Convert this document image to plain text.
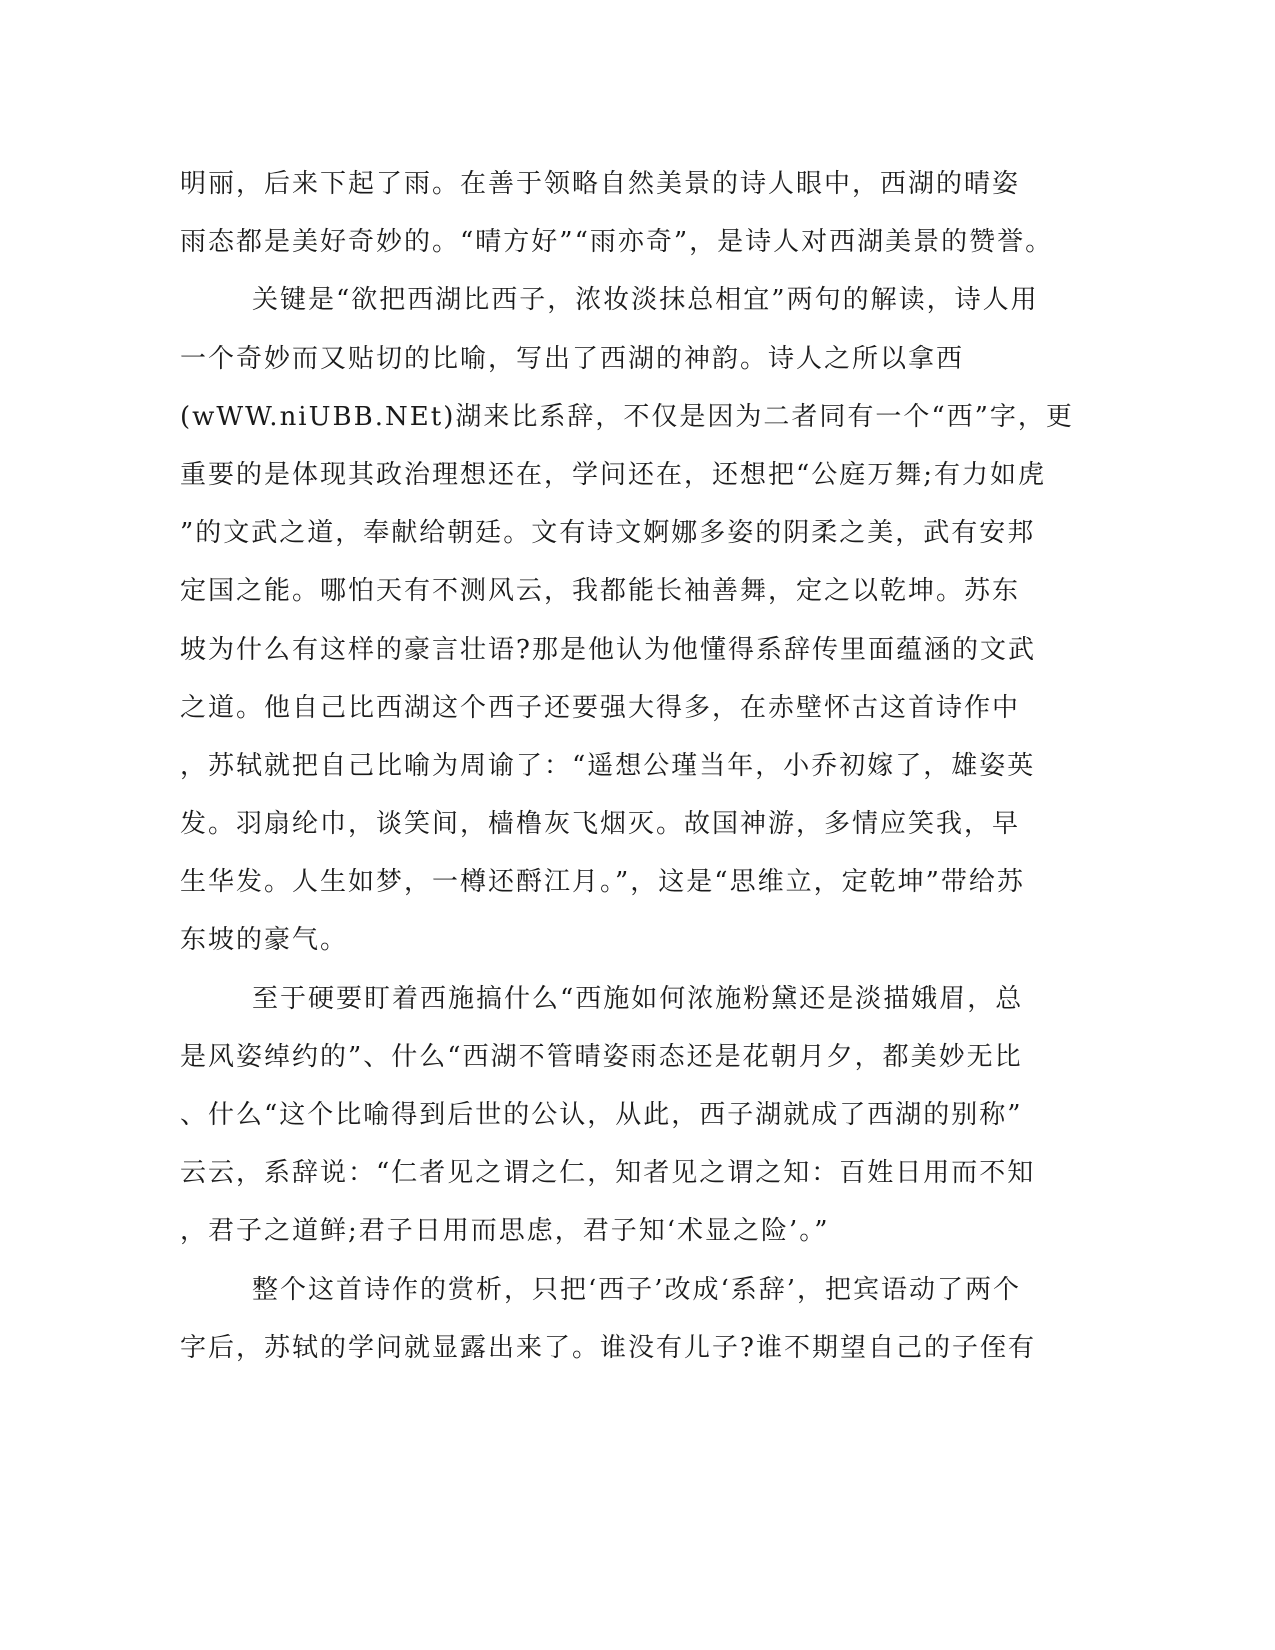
明丽，后来下起了雨。在善于领略自然美景的诗人眼中，西湖的晴姿
雨态都是美好奇妙的。“晴方好”“雨亦奇”，是诗人对西湖美景的赞誉。
关键是“欲把西湖比西子，浓妆淡抹总相宜”两句的解读，诗人用
一个奇妙而又贴切的比喻，写出了西湖的神韵。诗人之所以拿西
(wWW.niUBB.NEt)湖来比系辞，不仅是因为二者同有一个“西”字，更
重要的是体现其政治理想还在，学问还在，还想把“公庭万舞;有力如虎
”的文武之道，奉献给朝廷。文有诗文婀娜多姿的阴柔之美，武有安邦
定国之能。哪怕天有不测风云，我都能长袖善舞，定之以乾坤。苏东
坡为什么有这样的豪言壮语?那是他认为他懂得系辞传里面蕴涵的文武
之道。他自己比西湖这个西子还要强大得多，在赤壁怀古这首诗作中
，苏轼就把自己比喻为周谕了：“遥想公瑾当年，小乔初嫁了，雄姿英
发。羽扇纶巾，谈笑间，樯橹灰飞烟灭。故国神游，多情应笑我，早
生华发。人生如梦，一樽还酹江月。”，这是“思维立，定乾坤”带给苏
东坡的豪气。
至于硬要盯着西施搞什么“西施如何浓施粉黛还是淡描娥眉，总
是风姿绰约的”、什么“西湖不管晴姿雨态还是花朝月夕，都美妙无比
、什么“这个比喻得到后世的公认，从此，西子湖就成了西湖的别称”
云云，系辞说：“仁者见之谓之仁，知者见之谓之知：百姓日用而不知
，君子之道鲜;君子日用而思虑，君子知‘术显之险’。”
整个这首诗作的赏析，只把‘西子’改成‘系辞’，把宾语动了两个
字后，苏轼的学问就显露出来了。谁没有儿子?谁不期望自己的子侄有
